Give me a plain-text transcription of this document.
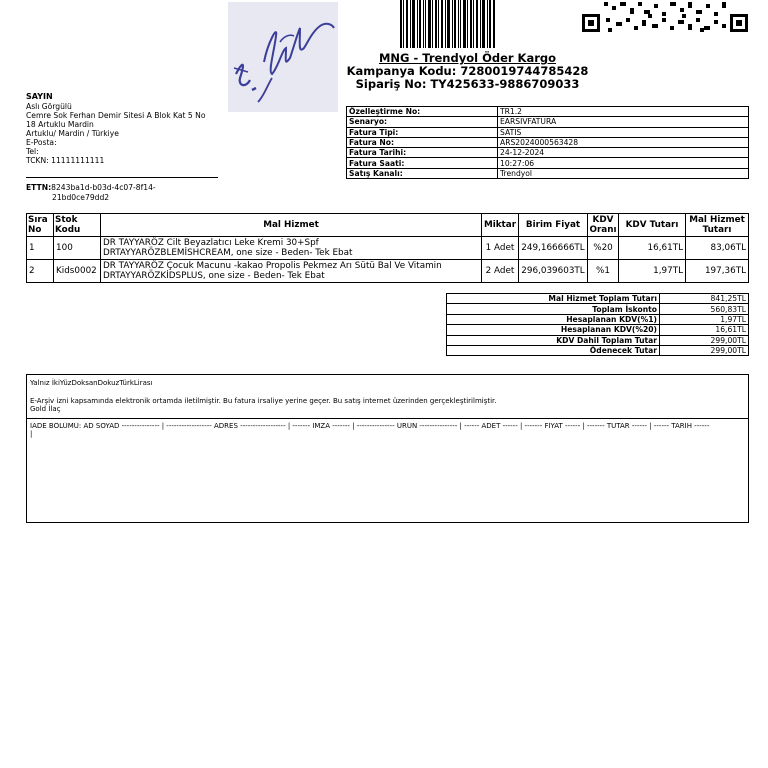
MNG - Trendyol Öder Kargo
Kampanya Kodu: 7280019744785428
Sipariş No: TY425633-9886709033
SAYIN
Aslı Görgülü
Cemre Sok Ferhan Demir Sitesi A Blok Kat 5 No
18 Artuklu Mardin
Artuklu/ Mardin / Türkiye
E-Posta:
Tel:
TCKN: 11111111111
ETTN:8243ba1d-b03d-4c07-8f14-
21bd0ce79dd2
Özelleştirme No:	TR1.2
Senaryo:	EARSIVFATURA
Fatura Tipi:	SATIS
Fatura No:	ARS2024000563428
Fatura Tarihi:	24-12-2024
Fatura Saati:	10:27:06
Satış Kanalı:	Trendyol
Sıra No	Stok Kodu	Mal Hizmet	Miktar	Birim Fiyat	KDV Oranı	KDV Tutarı	Mal Hizmet Tutarı
1	100	DR TAYYARÖZ Cilt Beyazlatıcı Leke Kremi 30+Spf
DRTAYYARÖZBLEMİSHCREAM, one size - Beden- Tek Ebat	1 Adet	249,166666TL	%20	16,61TL	83,06TL
2	Kids0002	DR TAYYARÖZ Çocuk Macunu -kakao Propolis Pekmez Arı Sütü Bal Ve Vitamin
DRTAYYARÖZKİDSPLUS, one size - Beden- Tek Ebat	2 Adet	296,039603TL	%1	1,97TL	197,36TL
Mal Hizmet Toplam Tutarı	841,25TL
Toplam İskonto	560,83TL
Hesaplanan KDV(%1)	1,97TL
Hesaplanan KDV(%20)	16,61TL
KDV Dahil Toplam Tutar	299,00TL
Ödenecek Tutar	299,00TL
Yalnız İkiYüzDoksanDokuzTürkLirası
E-Arşiv izni kapsamında elektronik ortamda iletilmiştir. Bu fatura irsaliye yerine geçer. Bu satış internet üzerinden gerçekleştirilmiştir.
Gold İlaç
İADE BÖLÜMÜ: AD SOYAD --------------- | ------------------ ADRES ------------------ | ------- İMZA ------- | --------------- ÜRÜN --------------- | ------ ADET ------ | ------- FİYAT ------ | ------- TUTAR ------ | ------ TARİH ------
|
